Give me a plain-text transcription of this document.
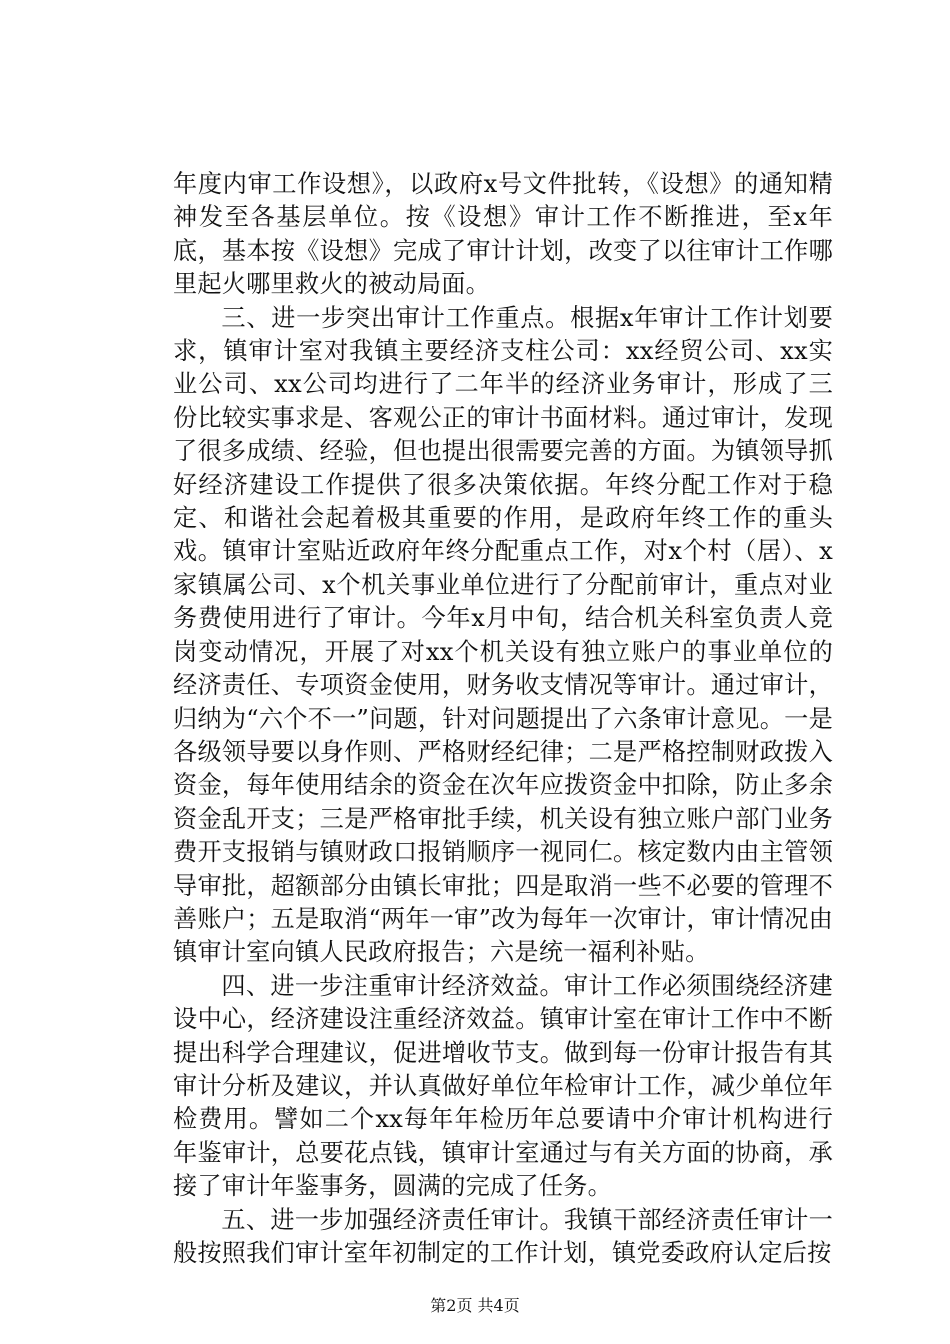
年度内审工作设想》，以政府x号文件批转，《设想》的通知精神发至各基层单位。按《设想》审计工作不断推进，至x年底，基本按《设想》完成了审计计划，改变了以往审计工作哪里起火哪里救火的被动局面。

三、进一步突出审计工作重点。根据x年审计工作计划要求，镇审计室对我镇主要经济支柱公司：xx经贸公司、xx实业公司、xx公司均进行了二年半的经济业务审计，形成了三份比较实事求是、客观公正的审计书面材料。通过审计，发现了很多成绩、经验，但也提出很需要完善的方面。为镇领导抓好经济建设工作提供了很多决策依据。年终分配工作对于稳定、和谐社会起着极其重要的作用，是政府年终工作的重头戏。镇审计室贴近政府年终分配重点工作，对x个村（居）、x家镇属公司、x个机关事业单位进行了分配前审计，重点对业务费使用进行了审计。今年x月中旬，结合机关科室负责人竞岗变动情况，开展了对xx个机关设有独立账户的事业单位的经济责任、专项资金使用，财务收支情况等审计。通过审计，归纳为“六个不一”问题，针对问题提出了六条审计意见。一是各级领导要以身作则、严格财经纪律；二是严格控制财政拨入资金，每年使用结余的资金在次年应拨资金中扣除，防止多余资金乱开支；三是严格审批手续，机关设有独立账户部门业务费开支报销与镇财政口报销顺序一视同仁。核定数内由主管领导审批，超额部分由镇长审批；四是取消一些不必要的管理不善账户；五是取消“两年一审”改为每年一次审计，审计情况由镇审计室向镇人民政府报告；六是统一福利补贴。

四、进一步注重审计经济效益。审计工作必须围绕经济建设中心，经济建设注重经济效益。镇审计室在审计工作中不断提出科学合理建议，促进增收节支。做到每一份审计报告有其审计分析及建议，并认真做好单位年检审计工作，减少单位年检费用。譬如二个xx每年年检历年总要请中介审计机构进行年鉴审计，总要花点钱，镇审计室通过与有关方面的协商，承接了审计年鉴事务，圆满的完成了任务。

五、进一步加强经济责任审计。我镇干部经济责任审计一般按照我们审计室年初制定的工作计划，镇党委政府认定后按

第2页 共4页
